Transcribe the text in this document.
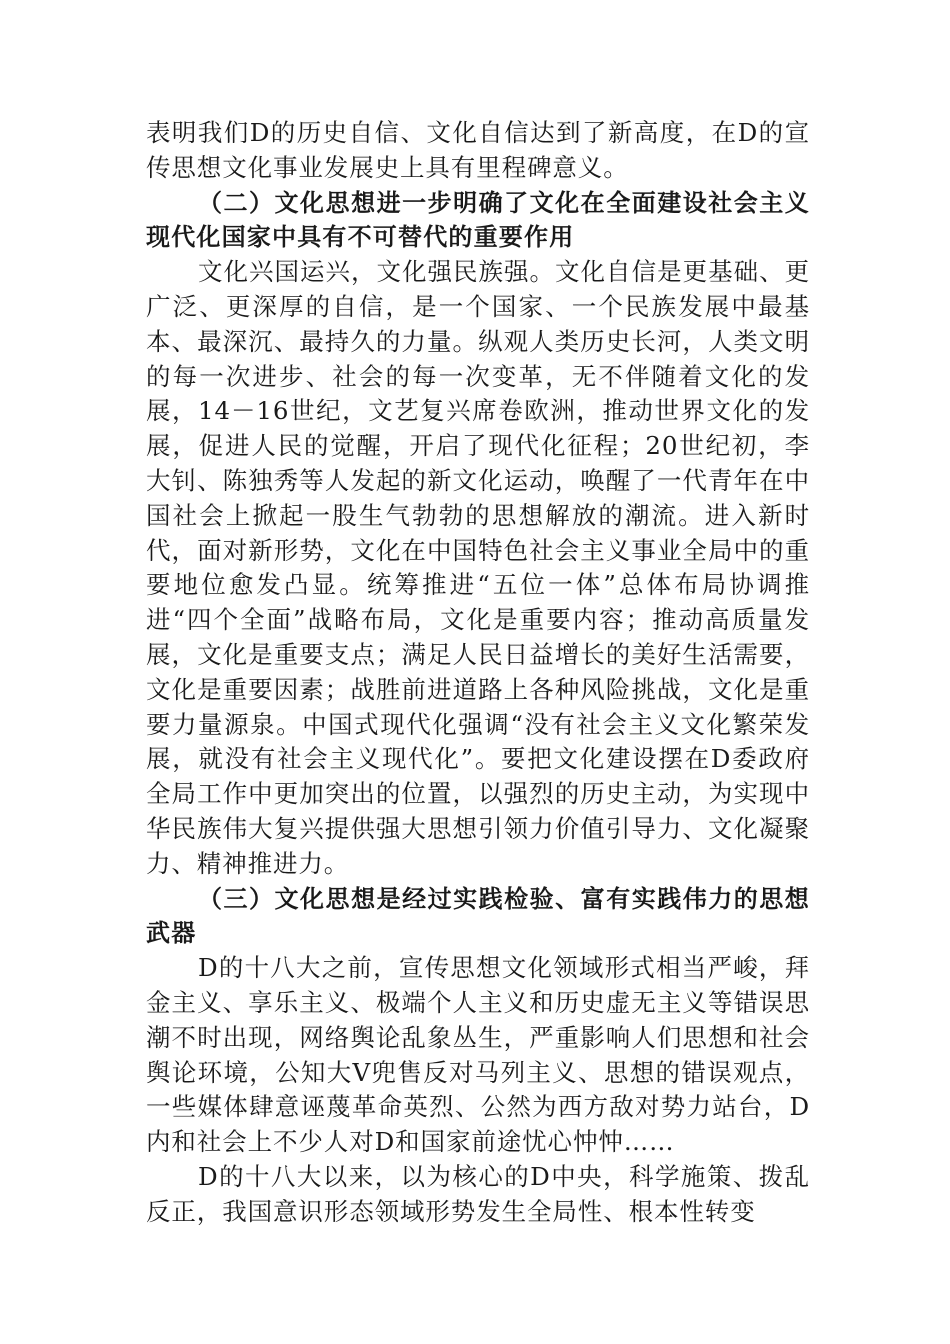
表明我们D的历史自信、文化自信达到了新高度，在D的宣传思想文化事业发展史上具有里程碑意义。

（二）文化思想进一步明确了文化在全面建设社会主义现代化国家中具有不可替代的重要作用

文化兴国运兴，文化强民族强。文化自信是更基础、更广泛、更深厚的自信，是一个国家、一个民族发展中最基本、最深沉、最持久的力量。纵观人类历史长河，人类文明的每一次进步、社会的每一次变革，无不伴随着文化的发展，14－16世纪，文艺复兴席卷欧洲，推动世界文化的发展，促进人民的觉醒，开启了现代化征程；20世纪初，李大钊、陈独秀等人发起的新文化运动，唤醒了一代青年在中国社会上掀起一股生气勃勃的思想解放的潮流。进入新时代，面对新形势，文化在中国特色社会主义事业全局中的重要地位愈发凸显。统筹推进“五位一体”总体布局协调推进“四个全面”战略布局，文化是重要内容；推动高质量发展，文化是重要支点；满足人民日益增长的美好生活需要，文化是重要因素；战胜前进道路上各种风险挑战，文化是重要力量源泉。中国式现代化强调“没有社会主义文化繁荣发展，就没有社会主义现代化”。要把文化建设摆在D委政府全局工作中更加突出的位置，以强烈的历史主动，为实现中华民族伟大复兴提供强大思想引领力价值引导力、文化凝聚力、精神推进力。

（三）文化思想是经过实践检验、富有实践伟力的思想武器

D的十八大之前，宣传思想文化领域形式相当严峻，拜金主义、享乐主义、极端个人主义和历史虚无主义等错误思潮不时出现，网络舆论乱象丛生，严重影响人们思想和社会舆论环境，公知大V兜售反对马列主义、思想的错误观点，一些媒体肆意诬蔑革命英烈、公然为西方敌对势力站台，D内和社会上不少人对D和国家前途忧心忡忡……

D的十八大以来，以为核心的D中央，科学施策、拨乱反正，我国意识形态领域形势发生全局性、根本性转变
